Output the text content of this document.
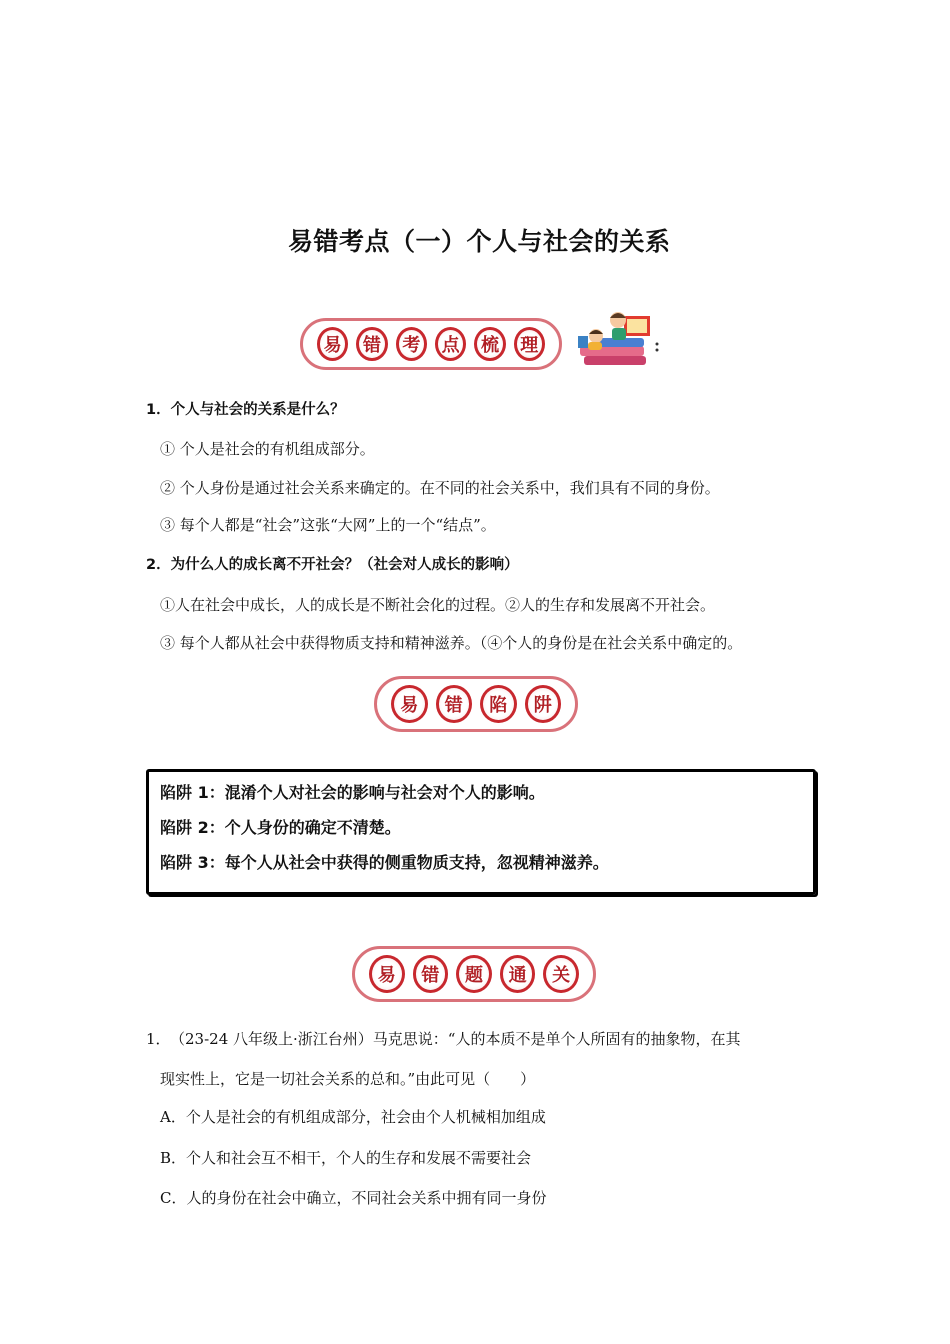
易错考点（一）个人与社会的关系
易	错	考	点	梳	理
1．个人与社会的关系是什么？
① 个人是社会的有机组成部分。
② 个人身份是通过社会关系来确定的。在不同的社会关系中，我们具有不同的身份。
③ 每个人都是“社会”这张“大网”上的一个“结点”。
2．为什么人的成长离不开社会？（社会对人成长的影响）
①人在社会中成长，人的成长是不断社会化的过程。②人的生存和发展离不开社会。
③ 每个人都从社会中获得物质支持和精神滋养。（④个人的身份是在社会关系中确定的。
易	错	陷	阱
陷阱 1：混淆个人对社会的影响与社会对个人的影响。
陷阱 2：个人身份的确定不清楚。
陷阱 3：每个人从社会中获得的侧重物质支持，忽视精神滋养。
易	错	题	通	关
1． （23-24 八年级上·浙江台州）马克思说：“人的本质不是单个人所固有的抽象物，在其
现实性上，它是一切社会关系的总和。”由此可见（　　）
A．个人是社会的有机组成部分，社会由个人机械相加组成
B．个人和社会互不相干，个人的生存和发展不需要社会
C．人的身份在社会中确立，不同社会关系中拥有同一身份
